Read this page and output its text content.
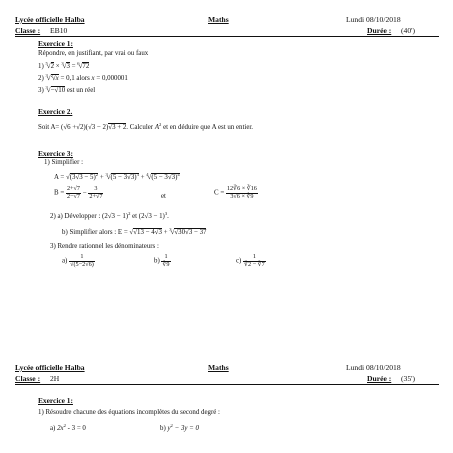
Lycée officielle Halba	Maths	Lundi 08/10/2018
Classe : EB10	Durée : (40')
Exercice 1:
Répondre, en justifiant, par vrai ou faux
1) $^5$√2 × $^3$√3 = $^6$√72
2) $^3$√$^2$√x = 0,1 alors x = 0,000001
3) $^3$√−√10 est un réel
Exercice 2.
Soit A= (√6 +√2)(√3 − 2)√3 + 2. Calculer $A^2$ et en déduire que A est un entier.
Exercice 3:
1) Simplifier :
$A = √(3√3 - 5)^2 + ^3√(5 - 3√3)^3 + ^4√(5 - 3√3)^4$
$B = \frac{2+√7}{2-√7} - \frac{3}{2+√7}$	et	$C = \frac{12∛6 \times ∛16}{3√6 \times ∜9}$
2) a) Développer : $(2√3 - 1)^2$ et $(2√3 - 1)^3$.
b) Simplifier alors : E = √√13 − 4√3 + $^3$√√30√3 − 37
3) Rendre rationnel les dénominateurs :
$a) \frac{1}{√(5-2√6)}$	$b) \frac{1}{∛9}$	$c) \frac{1}{∛2 - ∛7}$
Lycée officielle Halba	Maths	Lundi 08/10/2018
Classe : 2H	Durée : (35')
Exercice 1:
1) Résoudre chacune des équations incomplètes du second degré :
a) $2x^2 - 3 = 0$	b) $y^2 - 3y = 0$
